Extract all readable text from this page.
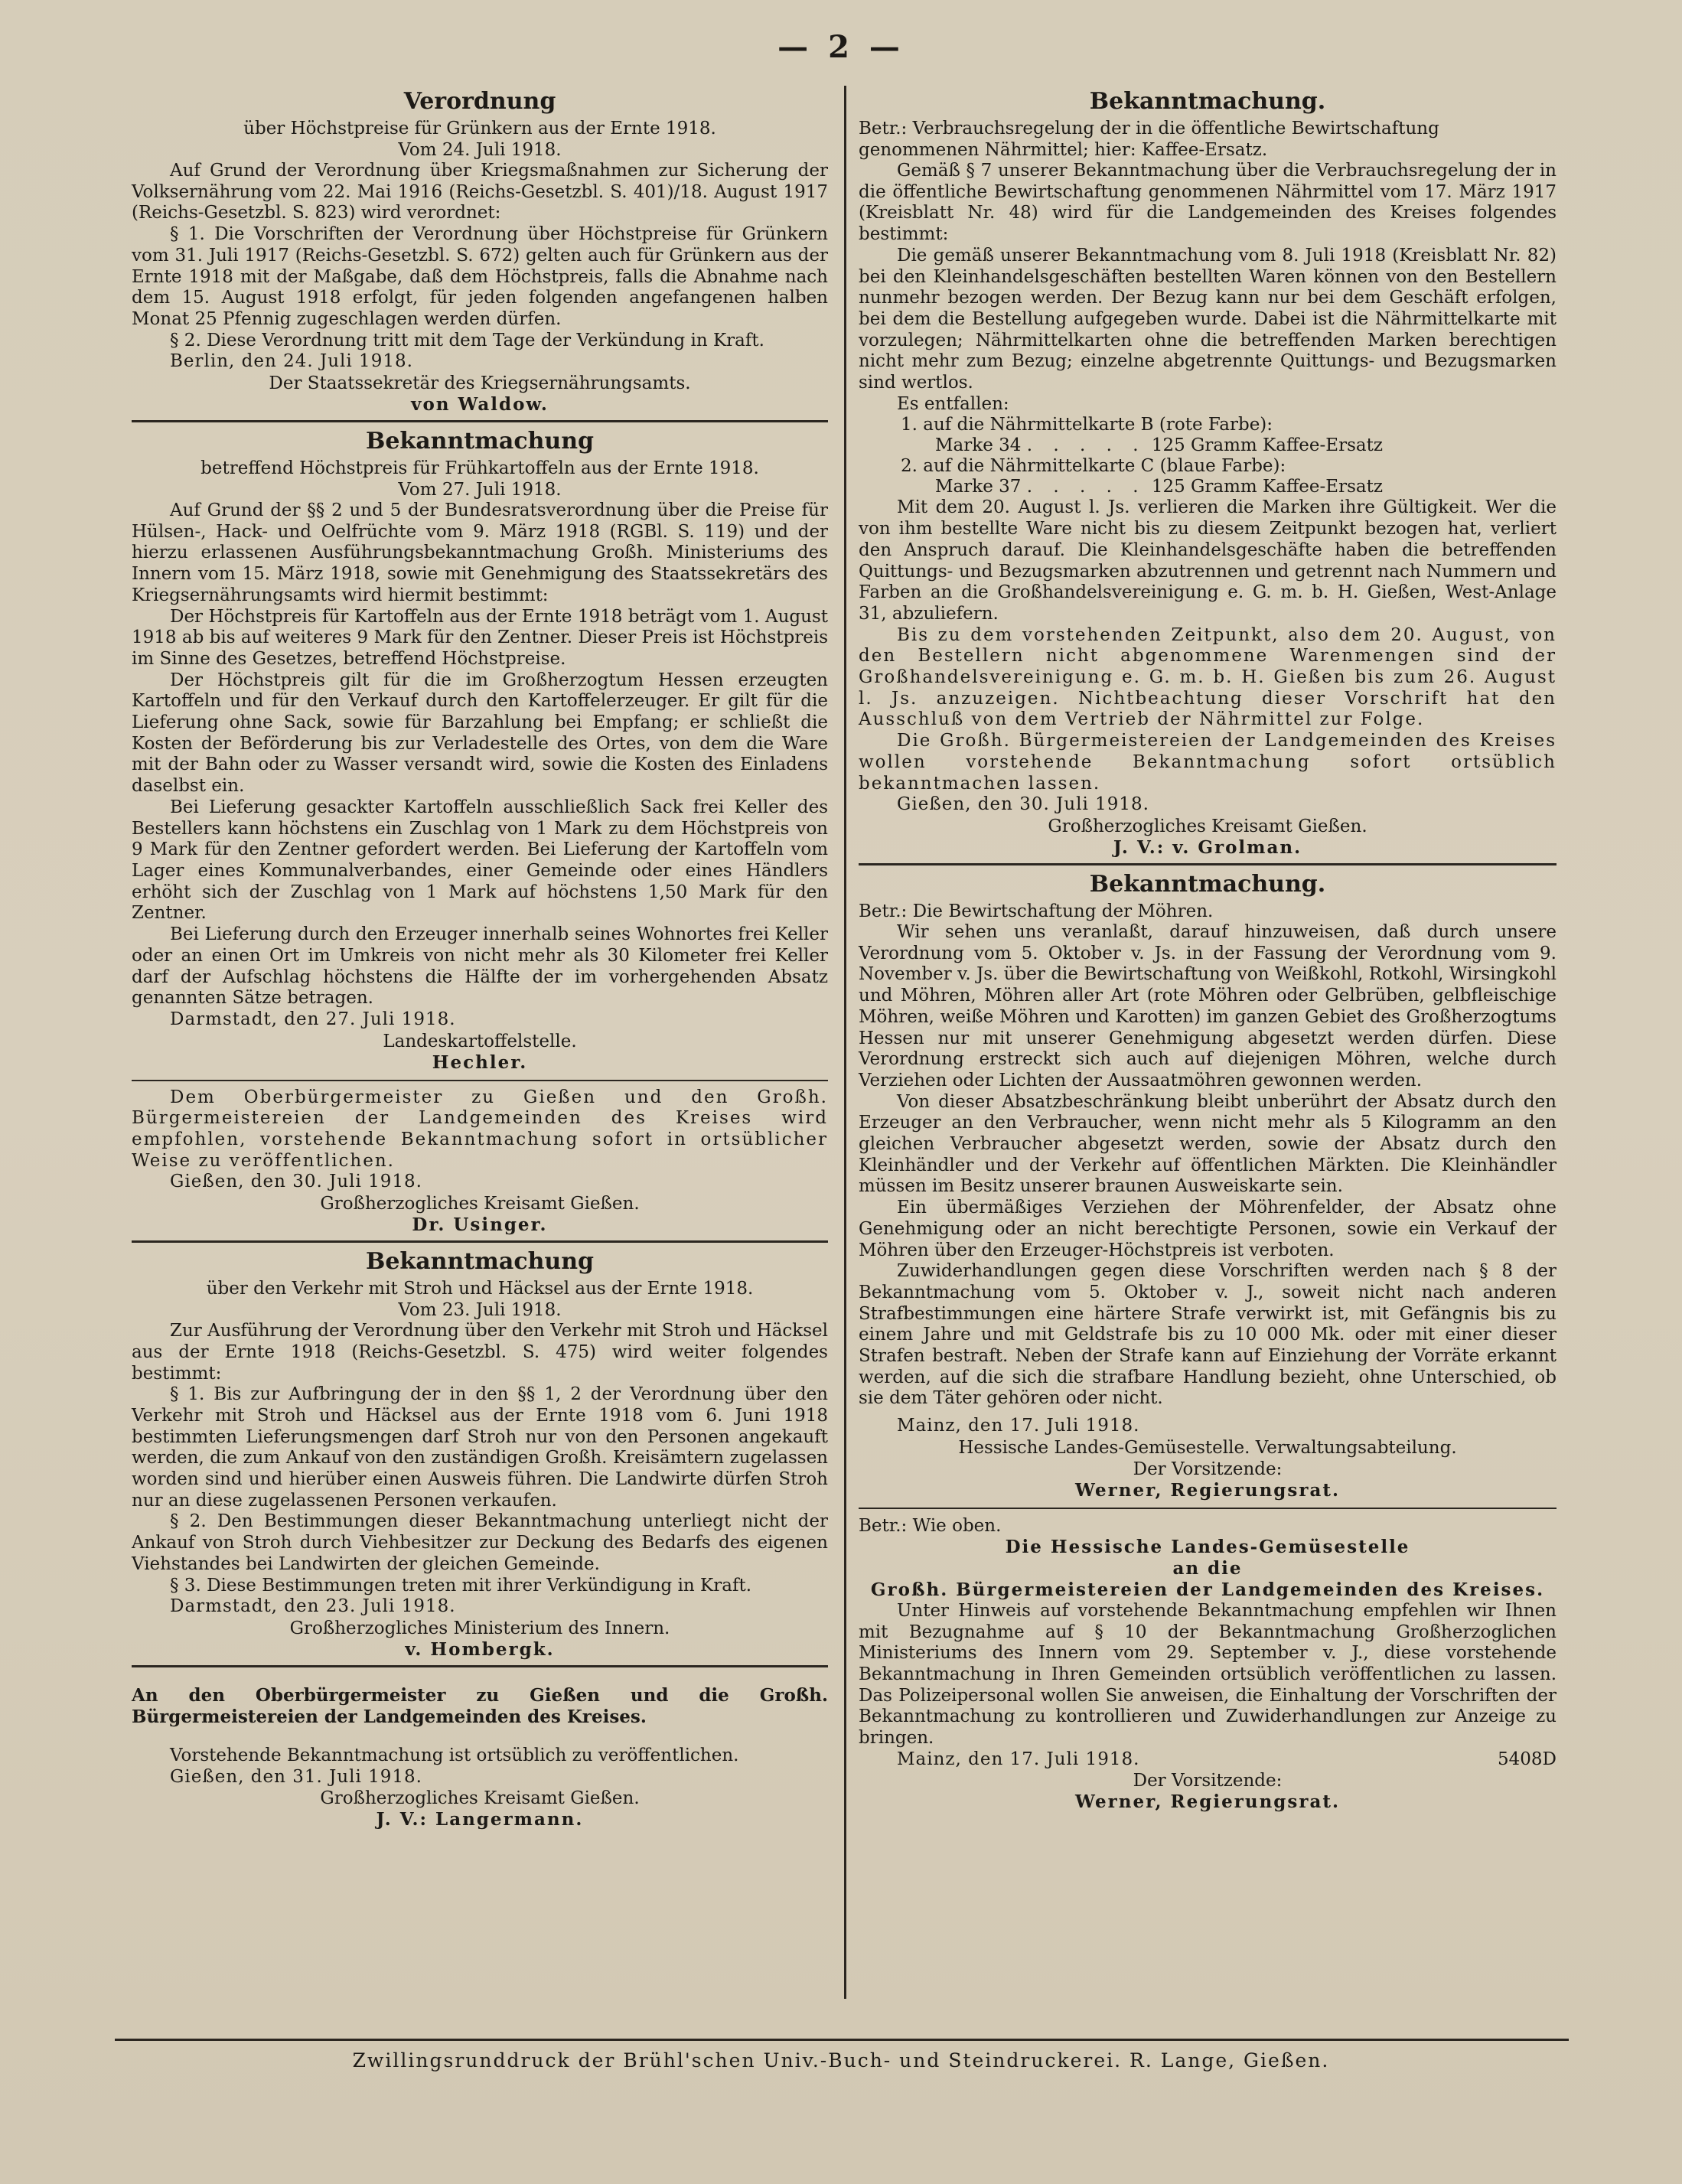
— 2 —
Verordnung
über Höchstpreise für Grünkern aus der Ernte 1918.
Vom 24. Juli 1918.

Auf Grund der Verordnung über Kriegsmaßnahmen zur Sicherung der Volksernährung vom 22. Mai 1916 (Reichs-Gesetzbl. S. 401)/18. August 1917 (Reichs-Gesetzbl. S. 823) wird verordnet:

§ 1. Die Vorschriften der Verordnung über Höchstpreise für Grünkern vom 31. Juli 1917 (Reichs-Gesetzbl. S. 672) gelten auch für Grünkern aus der Ernte 1918 mit der Maßgabe, daß dem Höchstpreis, falls die Abnahme nach dem 15. August 1918 erfolgt, für jeden folgenden angefangenen halben Monat 25 Pfennig zugeschlagen werden dürfen.

§ 2. Diese Verordnung tritt mit dem Tage der Verkündung in Kraft.

Berlin, den 24. Juli 1918.
Der Staatssekretär des Kriegsernährungsamts.
von Waldow.
Bekanntmachung
betreffend Höchstpreis für Frühkartoffeln aus der Ernte 1918.
Vom 27. Juli 1918.

Auf Grund der §§ 2 und 5 der Bundesratsverordnung über die Preise für Hülsen-, Hack- und Oelfrüchte vom 9. März 1918 (RGBl. S. 119) und der hierzu erlassenen Ausführungsbekanntmachung Großh. Ministeriums des Innern vom 15. März 1918, sowie mit Genehmigung des Staatssekretärs des Kriegsernährungsamts wird hiermit bestimmt:

Der Höchstpreis für Kartoffeln aus der Ernte 1918 beträgt vom 1. August 1918 ab bis auf weiteres 9 Mark für den Zentner. Dieser Preis ist Höchstpreis im Sinne des Gesetzes, betreffend Höchstpreise.

Der Höchstpreis gilt für die im Großherzogtum Hessen erzeugten Kartoffeln und für den Verkauf durch den Kartoffelerzeuger. Er gilt für die Lieferung ohne Sack, sowie für Barzahlung bei Empfang; er schließt die Kosten der Beförderung bis zur Verladestelle des Ortes, von dem die Ware mit der Bahn oder zu Wasser versandt wird, sowie die Kosten des Einladens daselbst ein.

Bei Lieferung gesackter Kartoffeln ausschließlich Sack frei Keller des Bestellers kann höchstens ein Zuschlag von 1 Mark zu dem Höchstpreis von 9 Mark für den Zentner gefordert werden. Bei Lieferung der Kartoffeln vom Lager eines Kommunalverbandes, einer Gemeinde oder eines Händlers erhöht sich der Zuschlag von 1 Mark auf höchstens 1,50 Mark für den Zentner.

Bei Lieferung durch den Erzeuger innerhalb seines Wohnortes frei Keller oder an einen Ort im Umkreis von nicht mehr als 30 Kilometer frei Keller darf der Aufschlag höchstens die Hälfte der im vorhergehenden Absatz genannten Sätze betragen.

Darmstadt, den 27. Juli 1918.
Landeskartoffelstelle.
Hechler.

Dem Oberbürgermeister zu Gießen und den Großh. Bürgermeistereien der Landgemeinden des Kreises wird empfohlen, vorstehende Bekanntmachung sofort in ortsüblicher Weise zu veröffentlichen.

Gießen, den 30. Juli 1918.
Großherzogliches Kreisamt Gießen.
Dr. Usinger.
Bekanntmachung
über den Verkehr mit Stroh und Häcksel aus der Ernte 1918.
Vom 23. Juli 1918.

Zur Ausführung der Verordnung über den Verkehr mit Stroh und Häcksel aus der Ernte 1918 (Reichs-Gesetzbl. S. 475) wird weiter folgendes bestimmt:

§ 1. Bis zur Aufbringung der in den §§ 1, 2 der Verordnung über den Verkehr mit Stroh und Häcksel aus der Ernte 1918 vom 6. Juni 1918 bestimmten Lieferungsmengen darf Stroh nur von den Personen angekauft werden, die zum Ankauf von den zuständigen Großh. Kreisämtern zugelassen worden sind und hierüber einen Ausweis führen. Die Landwirte dürfen Stroh nur an diese zugelassenen Personen verkaufen.

§ 2. Den Bestimmungen dieser Bekanntmachung unterliegt nicht der Ankauf von Stroh durch Viehbesitzer zur Deckung des Bedarfs des eigenen Viehstandes bei Landwirten der gleichen Gemeinde.

§ 3. Diese Bestimmungen treten mit ihrer Verkündigung in Kraft.

Darmstadt, den 23. Juli 1918.
Großherzogliches Ministerium des Innern.
v. Hombergk.

An den Oberbürgermeister zu Gießen und die Großh. Bürgermeistereien der Landgemeinden des Kreises.

Vorstehende Bekanntmachung ist ortsüblich zu veröffentlichen.

Gießen, den 31. Juli 1918.
Großherzogliches Kreisamt Gießen.
J. V.: Langermann.
Bekanntmachung.
Betr.: Verbrauchsregelung der in die öffentliche Bewirtschaftung genommenen Nährmittel; hier: Kaffee-Ersatz.

Gemäß § 7 unserer Bekanntmachung über die Verbrauchsregelung der in die öffentliche Bewirtschaftung genommenen Nährmittel vom 17. März 1917 (Kreisblatt Nr. 48) wird für die Landgemeinden des Kreises folgendes bestimmt:

Die gemäß unserer Bekanntmachung vom 8. Juli 1918 (Kreisblatt Nr. 82) bei den Kleinhandelsgeschäften bestellten Waren können von den Bestellern nunmehr bezogen werden. Der Bezug kann nur bei dem Geschäft erfolgen, bei dem die Bestellung aufgegeben wurde. Dabei ist die Nährmittelkarte mit vorzulegen; Nährmittelkarten ohne die betreffenden Marken berechtigen nicht mehr zum Bezug; einzelne abgetrennte Quittungs- und Bezugsmarken sind wertlos.

Es entfallen:

1. auf die Nährmittelkarte B (rote Farbe):
Marke 34 . . . . . 125 Gramm Kaffee-Ersatz
2. auf die Nährmittelkarte C (blaue Farbe):
Marke 37 . . . . . 125 Gramm Kaffee-Ersatz

Mit dem 20. August l. Js. verlieren die Marken ihre Gültigkeit. Wer die von ihm bestellte Ware nicht bis zu diesem Zeitpunkt bezogen hat, verliert den Anspruch darauf. Die Kleinhandelsgeschäfte haben die betreffenden Quittungs- und Bezugsmarken abzutrennen und getrennt nach Nummern und Farben an die Großhandelsvereinigung e. G. m. b. H. Gießen, West-Anlage 31, abzuliefern.

Bis zu dem vorstehenden Zeitpunkt, also dem 20. August, von den Bestellern nicht abgenommene Warenmengen sind der Großhandelsvereinigung e. G. m. b. H. Gießen bis zum 26. August l. Js. anzuzeigen. Nichtbeachtung dieser Vorschrift hat den Ausschluß von dem Vertrieb der Nährmittel zur Folge.

Die Großh. Bürgermeistereien der Landgemeinden des Kreises wollen vorstehende Bekanntmachung sofort ortsüblich bekanntmachen lassen.

Gießen, den 30. Juli 1918.
Großherzogliches Kreisamt Gießen.
J. V.: v. Grolman.
Bekanntmachung.
Betr.: Die Bewirtschaftung der Möhren.

Wir sehen uns veranlaßt, darauf hinzuweisen, daß durch unsere Verordnung vom 5. Oktober v. Js. in der Fassung der Verordnung vom 9. November v. Js. über die Bewirtschaftung von Weißkohl, Rotkohl, Wirsingkohl und Möhren, Möhren aller Art (rote Möhren oder Gelbrüben, gelbfleischige Möhren, weiße Möhren und Karotten) im ganzen Gebiet des Großherzogtums Hessen nur mit unserer Genehmigung abgesetzt werden dürfen. Diese Verordnung erstreckt sich auch auf diejenigen Möhren, welche durch Verziehen oder Lichten der Aussaatmöhren gewonnen werden.

Von dieser Absatzbeschränkung bleibt unberührt der Absatz durch den Erzeuger an den Verbraucher, wenn nicht mehr als 5 Kilogramm an den gleichen Verbraucher abgesetzt werden, sowie der Absatz durch den Kleinhändler und der Verkehr auf öffentlichen Märkten. Die Kleinhändler müssen im Besitz unserer braunen Ausweiskarte sein.

Ein übermäßiges Verziehen der Möhrenfelder, der Absatz ohne Genehmigung oder an nicht berechtigte Personen, sowie ein Verkauf der Möhren über den Erzeuger-Höchstpreis ist verboten.

Zuwiderhandlungen gegen diese Vorschriften werden nach § 8 der Bekanntmachung vom 5. Oktober v. J., soweit nicht nach anderen Strafbestimmungen eine härtere Strafe verwirkt ist, mit Gefängnis bis zu einem Jahre und mit Geldstrafe bis zu 10 000 Mk. oder mit einer dieser Strafen bestraft. Neben der Strafe kann auf Einziehung der Vorräte erkannt werden, auf die sich die strafbare Handlung bezieht, ohne Unterschied, ob sie dem Täter gehören oder nicht.

Mainz, den 17. Juli 1918.
Hessische Landes-Gemüsestelle. Verwaltungsabteilung.
Der Vorsitzende:
Werner, Regierungsrat.
Betr.: Wie oben.
Die Hessische Landes-Gemüsestelle
an die
Großh. Bürgermeistereien der Landgemeinden des Kreises.

Unter Hinweis auf vorstehende Bekanntmachung empfehlen wir Ihnen mit Bezugnahme auf § 10 der Bekanntmachung Großherzoglichen Ministeriums des Innern vom 29. September v. J., diese vorstehende Bekanntmachung in Ihren Gemeinden ortsüblich veröffentlichen zu lassen. Das Polizeipersonal wollen Sie anweisen, die Einhaltung der Vorschriften der Bekanntmachung zu kontrollieren und Zuwiderhandlungen zur Anzeige zu bringen.

Mainz, den 17. Juli 1918.	5408D
Der Vorsitzende:
Werner, Regierungsrat.
Zwillingsrunddruck der Brühl'schen Univ.-Buch- und Steindruckerei. R. Lange, Gießen.
